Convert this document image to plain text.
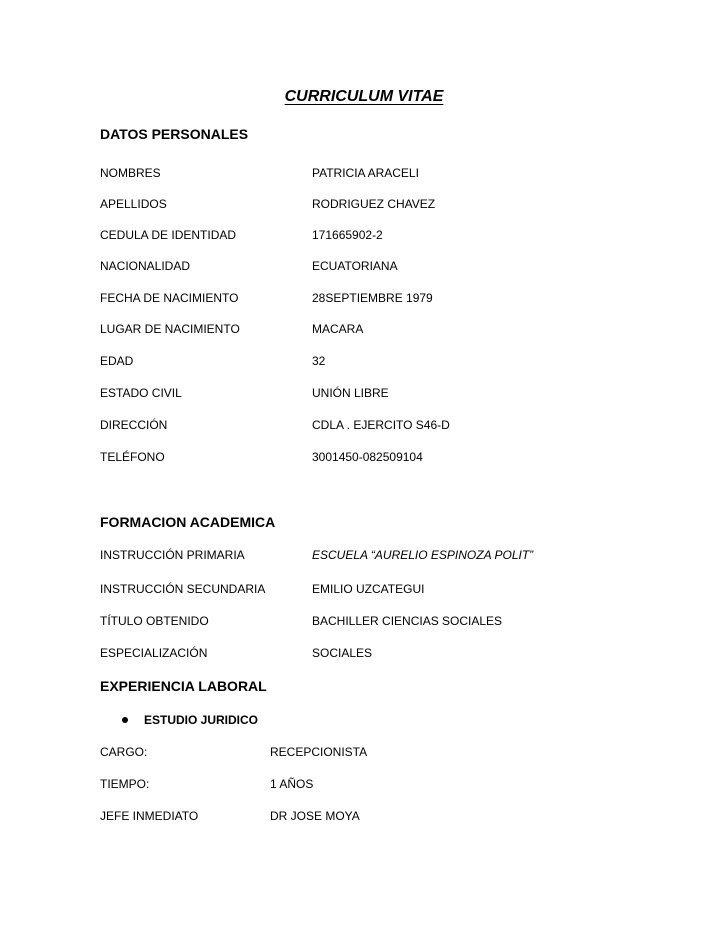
CURRICULUM VITAE
DATOS PERSONALES
NOMBRES	PATRICIA ARACELI
APELLIDOS	RODRIGUEZ CHAVEZ
CEDULA DE IDENTIDAD	171665902-2
NACIONALIDAD	ECUATORIANA
FECHA DE NACIMIENTO	28SEPTIEMBRE 1979
LUGAR DE NACIMIENTO	MACARA
EDAD	32
ESTADO CIVIL	UNIÓN LIBRE
DIRECCIÓN	CDLA . EJERCITO S46-D
TELÉFONO	3001450-082509104
FORMACION ACADEMICA
INSTRUCCIÓN PRIMARIA	ESCUELA “AURELIO ESPINOZA POLIT”
INSTRUCCIÓN SECUNDARIA	EMILIO UZCATEGUI
TÍTULO OBTENIDO	BACHILLER CIENCIAS SOCIALES
ESPECIALIZACIÓN	SOCIALES
EXPERIENCIA LABORAL
ESTUDIO JURIDICO
CARGO:	RECEPCIONISTA
TIEMPO:	1 AÑOS
JEFE INMEDIATO	DR JOSE MOYA
